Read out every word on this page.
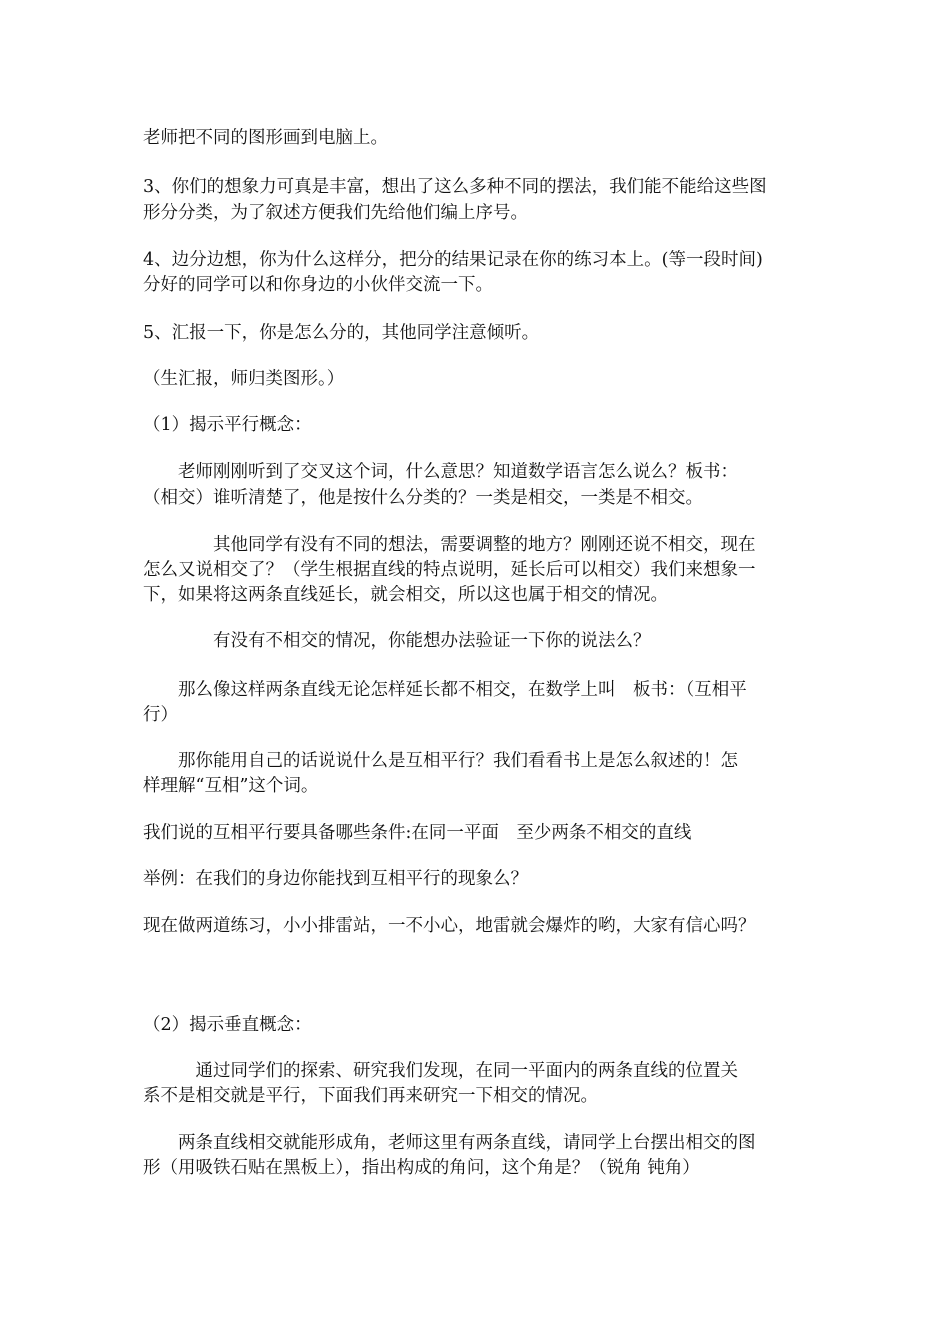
老师把不同的图形画到电脑上。
3、你们的想象力可真是丰富，想出了这么多种不同的摆法，我们能不能给这些图
形分分类，为了叙述方便我们先给他们编上序号。
4、边分边想，你为什么这样分，把分的结果记录在你的练习本上。(等一段时间)
分好的同学可以和你身边的小伙伴交流一下。
5、汇报一下，你是怎么分的，其他同学注意倾听。
（生汇报，师归类图形。）
（1）揭示平行概念：
　　老师刚刚听到了交叉这个词，什么意思？知道数学语言怎么说么？板书：
（相交）谁听清楚了，他是按什么分类的？一类是相交，一类是不相交。
　　　　其他同学有没有不同的想法，需要调整的地方？刚刚还说不相交，现在
怎么又说相交了？（学生根据直线的特点说明，延长后可以相交）我们来想象一
下，如果将这两条直线延长，就会相交，所以这也属于相交的情况。
　　　　有没有不相交的情况，你能想办法验证一下你的说法么？
　　那么像这样两条直线无论怎样延长都不相交，在数学上叫　板书：（互相平
行）
　　那你能用自己的话说说什么是互相平行？我们看看书上是怎么叙述的！怎
样理解“互相”这个词。
我们说的互相平行要具备哪些条件:在同一平面　至少两条不相交的直线
举例：在我们的身边你能找到互相平行的现象么？
现在做两道练习，小小排雷站，一不小心，地雷就会爆炸的哟，大家有信心吗？
（2）揭示垂直概念：
　　　通过同学们的探索、研究我们发现，在同一平面内的两条直线的位置关
系不是相交就是平行，下面我们再来研究一下相交的情况。
　　两条直线相交就能形成角，老师这里有两条直线，请同学上台摆出相交的图
形（用吸铁石贴在黑板上），指出构成的角问，这个角是？（锐角 钝角）
